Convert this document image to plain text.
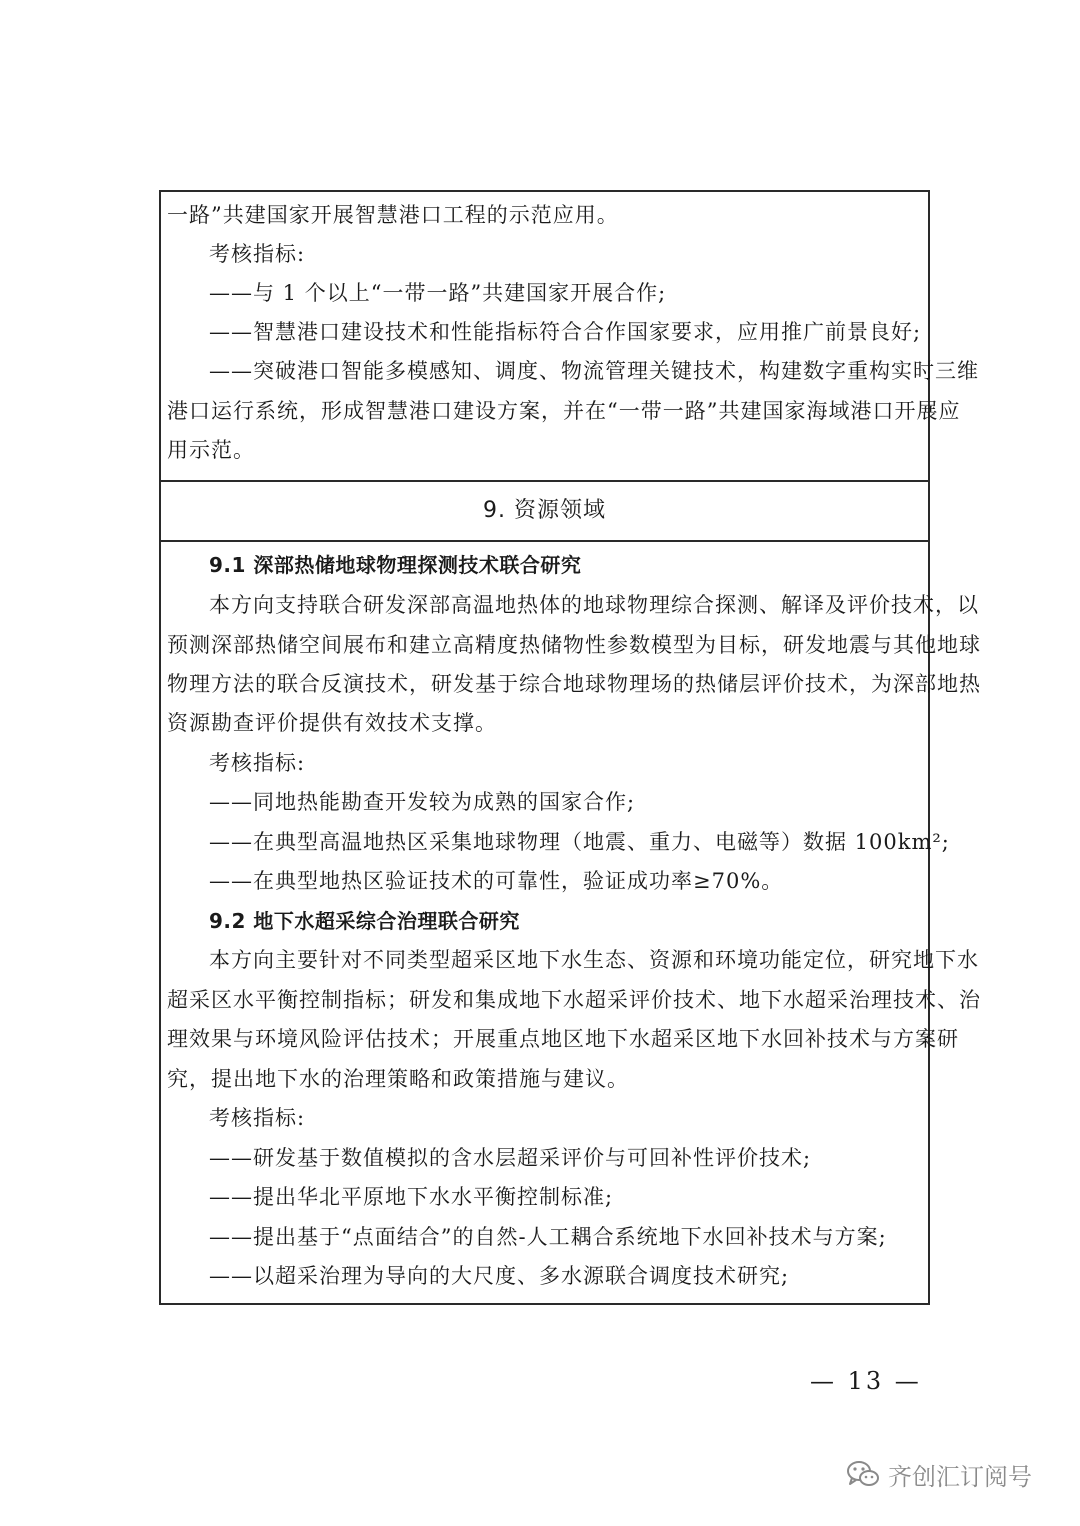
一路”共建国家开展智慧港口工程的示范应用。
考核指标:
——与 1 个以上“一带一路”共建国家开展合作;
——智慧港口建设技术和性能指标符合合作国家要求，应用推广前景良好;
——突破港口智能多模感知、调度、物流管理关键技术，构建数字重构实时三维
港口运行系统，形成智慧港口建设方案，并在“一带一路”共建国家海域港口开展应
用示范。
9. 资源领域
9.1 深部热储地球物理探测技术联合研究
本方向支持联合研发深部高温地热体的地球物理综合探测、解译及评价技术，以
预测深部热储空间展布和建立高精度热储物性参数模型为目标，研发地震与其他地球
物理方法的联合反演技术，研发基于综合地球物理场的热储层评价技术，为深部地热
资源勘查评价提供有效技术支撑。
考核指标:
——同地热能勘查开发较为成熟的国家合作;
——在典型高温地热区采集地球物理（地震、重力、电磁等）数据 100km²;
——在典型地热区验证技术的可靠性，验证成功率≥70%。
9.2 地下水超采综合治理联合研究
本方向主要针对不同类型超采区地下水生态、资源和环境功能定位，研究地下水
超采区水平衡控制指标；研发和集成地下水超采评价技术、地下水超采治理技术、治
理效果与环境风险评估技术；开展重点地区地下水超采区地下水回补技术与方案研
究，提出地下水的治理策略和政策措施与建议。
考核指标:
——研发基于数值模拟的含水层超采评价与可回补性评价技术;
——提出华北平原地下水水平衡控制标准;
——提出基于“点面结合”的自然-人工耦合系统地下水回补技术与方案;
——以超采治理为导向的大尺度、多水源联合调度技术研究;
— 13 —
齐创汇订阅号
